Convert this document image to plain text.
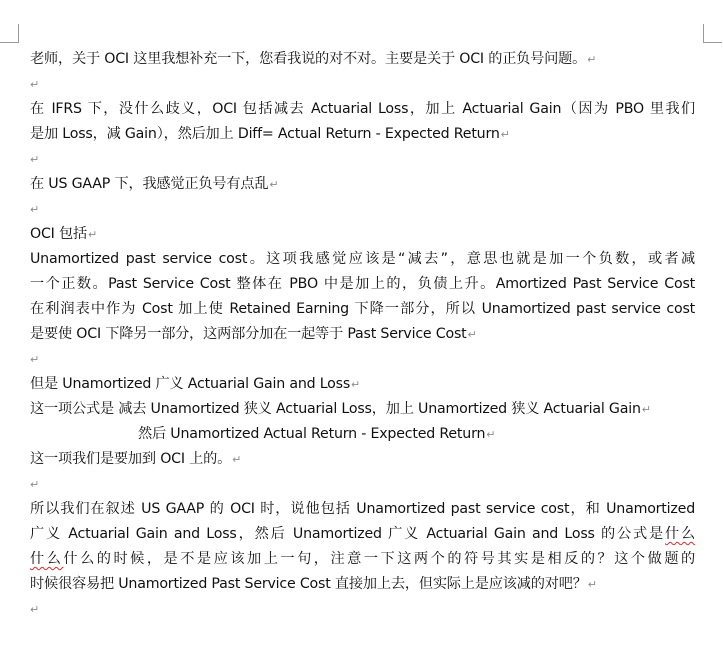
老师，关于 OCI 这里我想补充一下，您看我说的对不对。主要是关于 OCI 的正负号问题。↵
↵
在 IFRS 下，没什么歧义，OCI 包括减去 Actuarial Loss，加上 Actuarial Gain（因为 PBO 里我们
是加 Loss，减 Gain），然后加上 Diff= Actual Return - Expected Return↵
↵
在 US GAAP 下，我感觉正负号有点乱↵
↵
OCI 包括↵
Unamortized past service cost。这项我感觉应该是“减去”，意思也就是加一个负数，或者减
一个正数。Past Service Cost 整体在 PBO 中是加上的，负债上升。Amortized Past Service Cost
在利润表中作为 Cost 加上使 Retained Earning 下降一部分，所以 Unamortized past service cost
是要使 OCI 下降另一部分，这两部分加在一起等于 Past Service Cost↵
↵
但是 Unamortized 广义 Actuarial Gain and Loss↵
这一项公式是 减去 Unamortized 狭义 Actuarial Loss，加上 Unamortized 狭义 Actuarial Gain↵
然后 Unamortized Actual Return - Expected Return↵
这一项我们是要加到 OCI 上的。↵
↵
所以我们在叙述 US GAAP 的 OCI 时，说他包括 Unamortized past service cost，和 Unamortized
广义 Actuarial Gain and Loss，然后 Unamortized 广义 Actuarial Gain and Loss 的公式是什么
什么什么的时候，是不是应该加上一句，注意一下这两个的符号其实是相反的？这个做题的
时候很容易把 Unamortized Past Service Cost 直接加上去，但实际上是应该减的对吧？↵
↵
